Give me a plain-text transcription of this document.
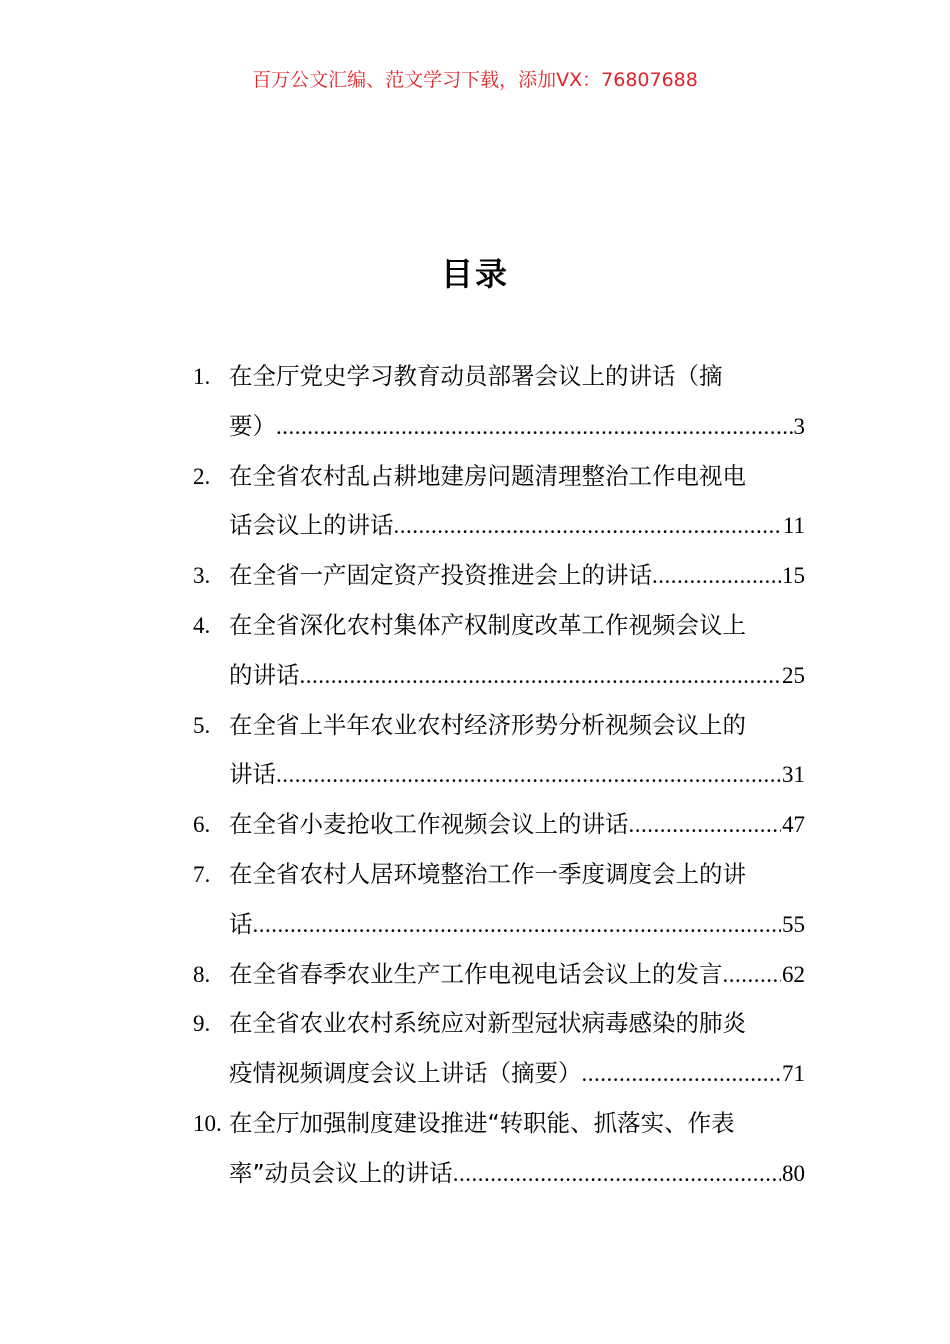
百万公文汇编、范文学习下载，添加VX：76807688
目录
1. 在全厅党史学习教育动员部署会议上的讲话（摘
要） .....	3
2. 在全省农村乱占耕地建房问题清理整治工作电视电
话会议上的讲话 .....	11
3. 在全省一产固定资产投资推进会上的讲话 .....	15
4. 在全省深化农村集体产权制度改革工作视频会议上
的讲话 .....	25
5. 在全省上半年农业农村经济形势分析视频会议上的
讲话 .....	31
6. 在全省小麦抢收工作视频会议上的讲话 .....	47
7. 在全省农村人居环境整治工作一季度调度会上的讲
话 .....	55
8. 在全省春季农业生产工作电视电话会议上的发言 .....	62
9. 在全省农业农村系统应对新型冠状病毒感染的肺炎
疫情视频调度会议上讲话（摘要） .....	71
10. 在全厅加强制度建设推进“转职能、抓落实、作表
率”动员会议上的讲话 .....	80
